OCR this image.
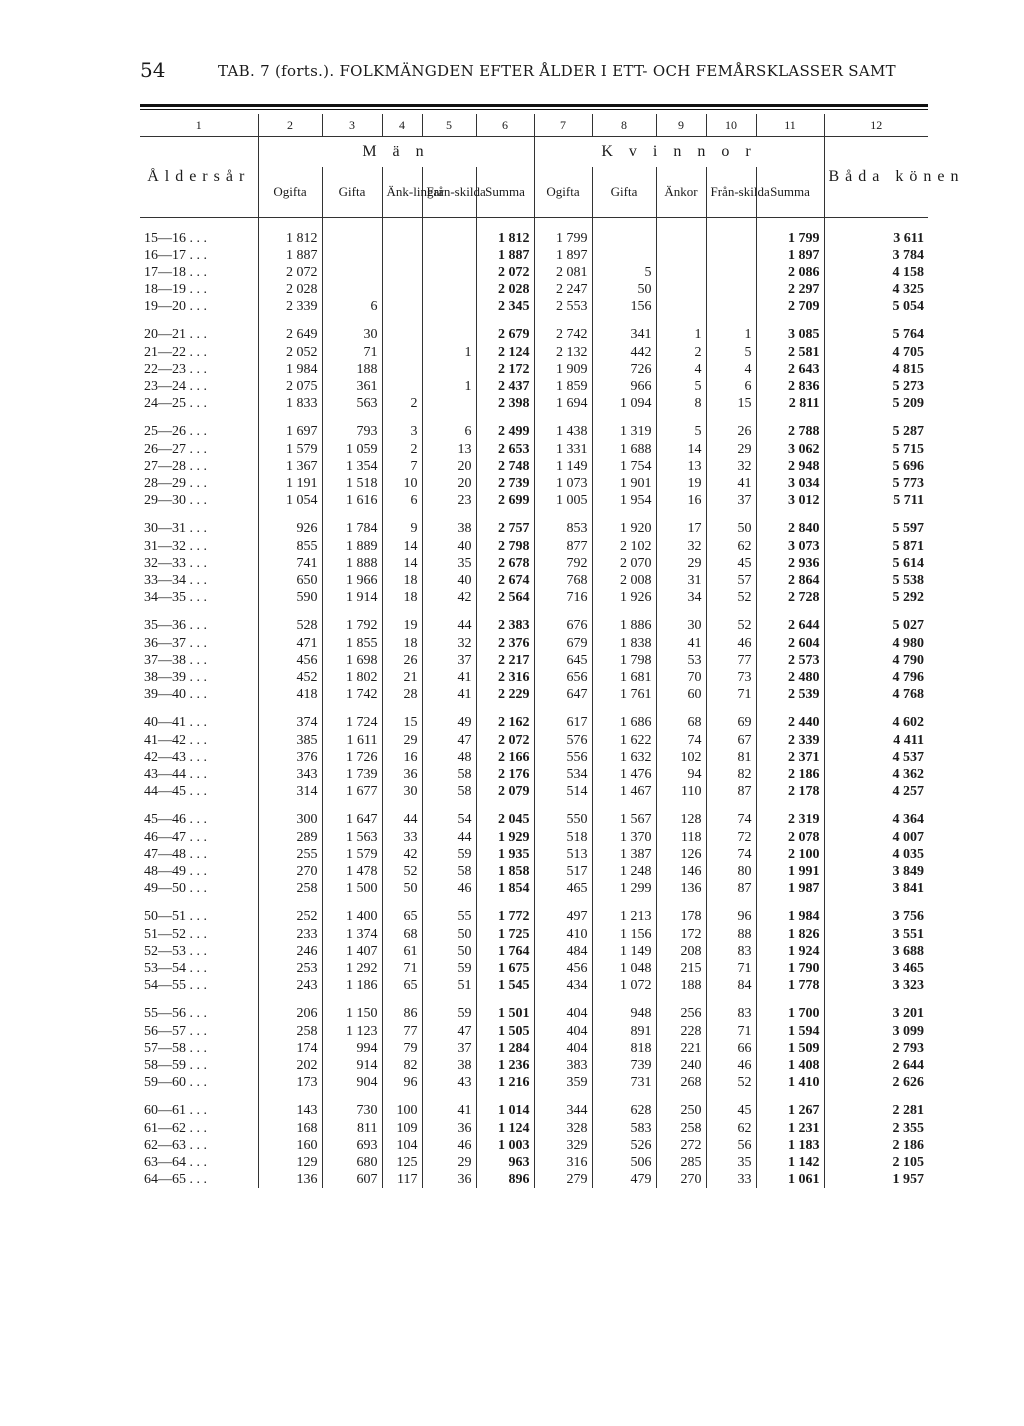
54	TAB. 7 (forts.). FOLKMÄNGDEN EFTER ÅLDER I ETT- OCH FEMÅRSKLASSER SAMT
1	2	3	4	5	6	7	8	9	10	11	12
Åldersår	M ä n					K v i n n o r					Båda könen
	Ogifta	Gifta	Änk-lingar	Från-skilda	Summa	Ogifta	Gifta	Änkor	Från-skilda	Summa	

15—16 . . .	1 812				1 812	1 799				1 799	3 611
16—17 . . .	1 887				1 887	1 897				1 897	3 784
17—18 . . .	2 072				2 072	2 081	5			2 086	4 158
18—19 . . .	2 028				2 028	2 247	50			2 297	4 325
19—20 . . .	2 339	6			2 345	2 553	156			2 709	5 054
20—21 . . .	2 649	30			2 679	2 742	341	1	1	3 085	5 764
21—22 . . .	2 052	71		1	2 124	2 132	442	2	5	2 581	4 705
22—23 . . .	1 984	188			2 172	1 909	726	4	4	2 643	4 815
23—24 . . .	2 075	361		1	2 437	1 859	966	5	6	2 836	5 273
24—25 . . .	1 833	563	2		2 398	1 694	1 094	8	15	2 811	5 209
25—26 . . .	1 697	793	3	6	2 499	1 438	1 319	5	26	2 788	5 287
26—27 . . .	1 579	1 059	2	13	2 653	1 331	1 688	14	29	3 062	5 715
27—28 . . .	1 367	1 354	7	20	2 748	1 149	1 754	13	32	2 948	5 696
28—29 . . .	1 191	1 518	10	20	2 739	1 073	1 901	19	41	3 034	5 773
29—30 . . .	1 054	1 616	6	23	2 699	1 005	1 954	16	37	3 012	5 711
30—31 . . .	926	1 784	9	38	2 757	853	1 920	17	50	2 840	5 597
31—32 . . .	855	1 889	14	40	2 798	877	2 102	32	62	3 073	5 871
32—33 . . .	741	1 888	14	35	2 678	792	2 070	29	45	2 936	5 614
33—34 . . .	650	1 966	18	40	2 674	768	2 008	31	57	2 864	5 538
34—35 . . .	590	1 914	18	42	2 564	716	1 926	34	52	2 728	5 292
35—36 . . .	528	1 792	19	44	2 383	676	1 886	30	52	2 644	5 027
36—37 . . .	471	1 855	18	32	2 376	679	1 838	41	46	2 604	4 980
37—38 . . .	456	1 698	26	37	2 217	645	1 798	53	77	2 573	4 790
38—39 . . .	452	1 802	21	41	2 316	656	1 681	70	73	2 480	4 796
39—40 . . .	418	1 742	28	41	2 229	647	1 761	60	71	2 539	4 768
40—41 . . .	374	1 724	15	49	2 162	617	1 686	68	69	2 440	4 602
41—42 . . .	385	1 611	29	47	2 072	576	1 622	74	67	2 339	4 411
42—43 . . .	376	1 726	16	48	2 166	556	1 632	102	81	2 371	4 537
43—44 . . .	343	1 739	36	58	2 176	534	1 476	94	82	2 186	4 362
44—45 . . .	314	1 677	30	58	2 079	514	1 467	110	87	2 178	4 257
45—46 . . .	300	1 647	44	54	2 045	550	1 567	128	74	2 319	4 364
46—47 . . .	289	1 563	33	44	1 929	518	1 370	118	72	2 078	4 007
47—48 . . .	255	1 579	42	59	1 935	513	1 387	126	74	2 100	4 035
48—49 . . .	270	1 478	52	58	1 858	517	1 248	146	80	1 991	3 849
49—50 . . .	258	1 500	50	46	1 854	465	1 299	136	87	1 987	3 841
50—51 . . .	252	1 400	65	55	1 772	497	1 213	178	96	1 984	3 756
51—52 . . .	233	1 374	68	50	1 725	410	1 156	172	88	1 826	3 551
52—53 . . .	246	1 407	61	50	1 764	484	1 149	208	83	1 924	3 688
53—54 . . .	253	1 292	71	59	1 675	456	1 048	215	71	1 790	3 465
54—55 . . .	243	1 186	65	51	1 545	434	1 072	188	84	1 778	3 323
55—56 . . .	206	1 150	86	59	1 501	404	948	256	83	1 700	3 201
56—57 . . .	258	1 123	77	47	1 505	404	891	228	71	1 594	3 099
57—58 . . .	174	994	79	37	1 284	404	818	221	66	1 509	2 793
58—59 . . .	202	914	82	38	1 236	383	739	240	46	1 408	2 644
59—60 . . .	173	904	96	43	1 216	359	731	268	52	1 410	2 626
60—61 . . .	143	730	100	41	1 014	344	628	250	45	1 267	2 281
61—62 . . .	168	811	109	36	1 124	328	583	258	62	1 231	2 355
62—63 . . .	160	693	104	46	1 003	329	526	272	56	1 183	2 186
63—64 . . .	129	680	125	29	963	316	506	285	35	1 142	2 105
64—65 . . .	136	607	117	36	896	279	479	270	33	1 061	1 957
